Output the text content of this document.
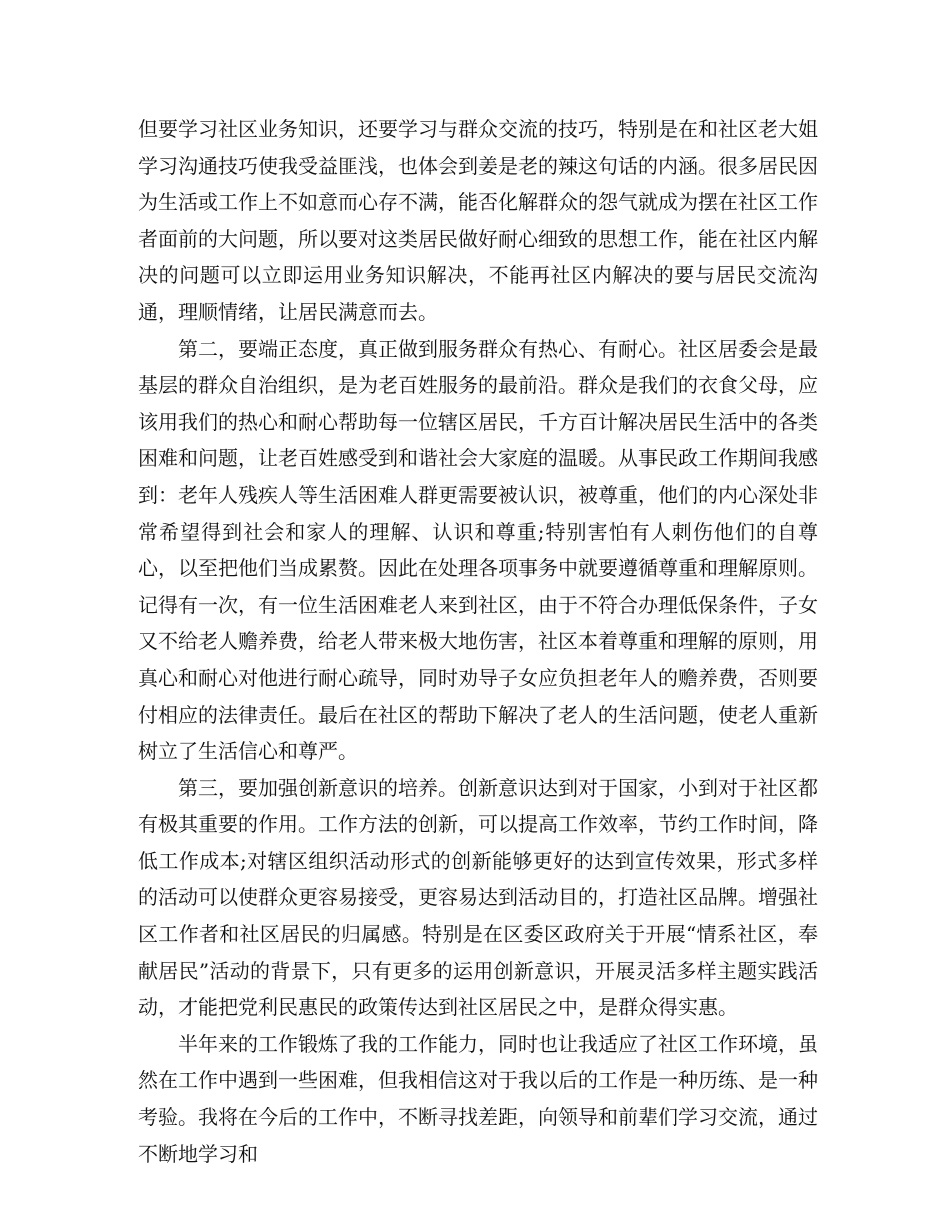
但要学习社区业务知识，还要学习与群众交流的技巧，特别是在和社区老大姐学习沟通技巧使我受益匪浅，也体会到姜是老的辣这句话的内涵。很多居民因为生活或工作上不如意而心存不满，能否化解群众的怨气就成为摆在社区工作者面前的大问题，所以要对这类居民做好耐心细致的思想工作，能在社区内解决的问题可以立即运用业务知识解决，不能再社区内解决的要与居民交流沟通，理顺情绪，让居民满意而去。

第二，要端正态度，真正做到服务群众有热心、有耐心。社区居委会是最基层的群众自治组织，是为老百姓服务的最前沿。群众是我们的衣食父母，应该用我们的热心和耐心帮助每一位辖区居民，千方百计解决居民生活中的各类困难和问题，让老百姓感受到和谐社会大家庭的温暖。从事民政工作期间我感到：老年人残疾人等生活困难人群更需要被认识，被尊重，他们的内心深处非常希望得到社会和家人的理解、认识和尊重;特别害怕有人刺伤他们的自尊心，以至把他们当成累赘。因此在处理各项事务中就要遵循尊重和理解原则。记得有一次，有一位生活困难老人来到社区，由于不符合办理低保条件，子女又不给老人赡养费，给老人带来极大地伤害，社区本着尊重和理解的原则，用真心和耐心对他进行耐心疏导，同时劝导子女应负担老年人的赡养费，否则要付相应的法律责任。最后在社区的帮助下解决了老人的生活问题，使老人重新树立了生活信心和尊严。

第三，要加强创新意识的培养。创新意识达到对于国家，小到对于社区都有极其重要的作用。工作方法的创新，可以提高工作效率，节约工作时间，降低工作成本;对辖区组织活动形式的创新能够更好的达到宣传效果，形式多样的活动可以使群众更容易接受，更容易达到活动目的，打造社区品牌。增强社区工作者和社区居民的归属感。特别是在区委区政府关于开展“情系社区，奉献居民”活动的背景下，只有更多的运用创新意识，开展灵活多样主题实践活动，才能把党利民惠民的政策传达到社区居民之中，是群众得实惠。

半年来的工作锻炼了我的工作能力，同时也让我适应了社区工作环境，虽然在工作中遇到一些困难，但我相信这对于我以后的工作是一种历练、是一种考验。我将在今后的工作中，不断寻找差距，向领导和前辈们学习交流，通过不断地学习和
